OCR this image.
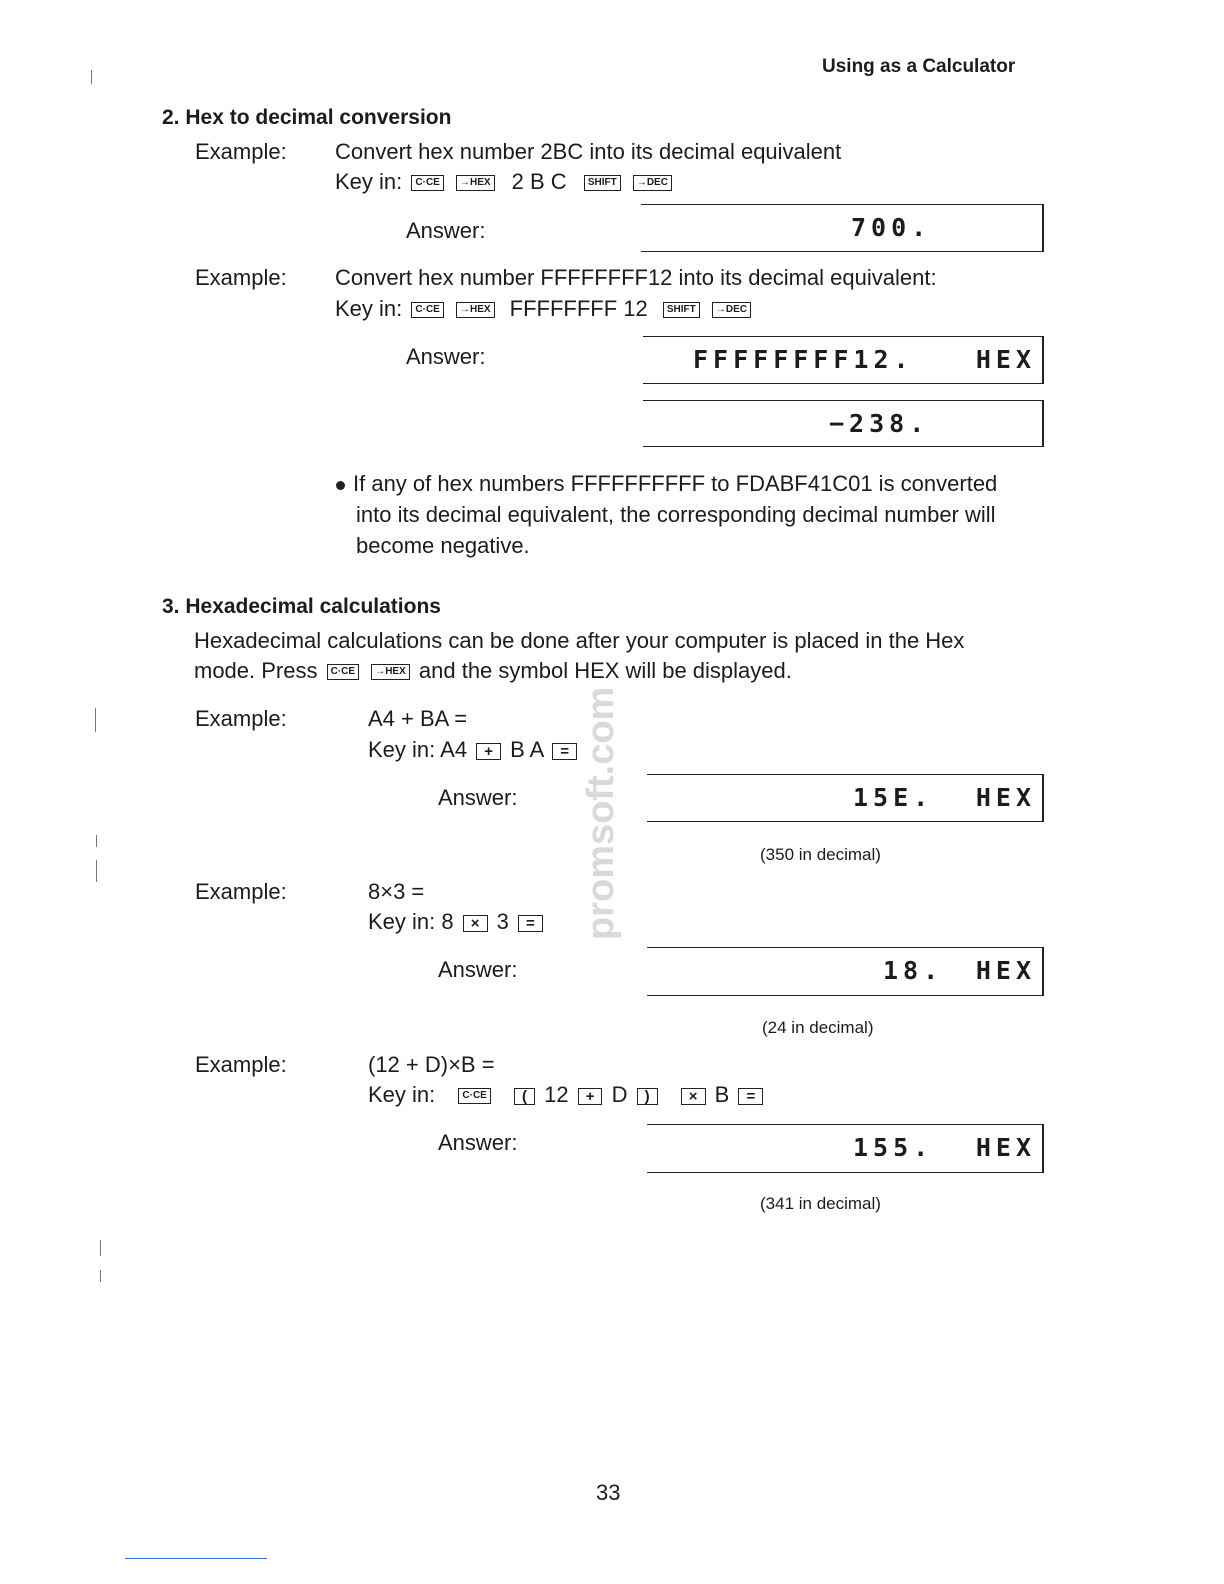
promsoft.com
Using as a Calculator
2. Hex to decimal conversion
Example: Convert hex number 2BC into its decimal equivalent
Key in: C·CE →HEX 2 B C SHIFT →DEC
Answer:	700.
Example: Convert hex number FFFFFFFF12 into its decimal equivalent:
Key in: C·CE →HEX FFFFFFFF 12 SHIFT →DEC
Answer:	FFFFFFFF12. HEX
−238.
If any of hex numbers FFFFFFFFFF to FDABF41C01 is converted
into its decimal equivalent, the corresponding decimal number will
become negative.
3. Hexadecimal calculations
Hexadecimal calculations can be done after your computer is placed in the Hex
mode. Press C·CE →HEX and the symbol HEX will be displayed.
Example:	A4 + BA =
Key in: A4 + B A =
Answer:	15E. HEX
(350 in decimal)
Example:	8×3 =
Key in: 8 × 3 =
Answer:	18. HEX
(24 in decimal)
Example:	(12 + D)×B =
Key in:	C·CE ( 12 + D )	× B =
Answer:	155. HEX
(341 in decimal)
33
